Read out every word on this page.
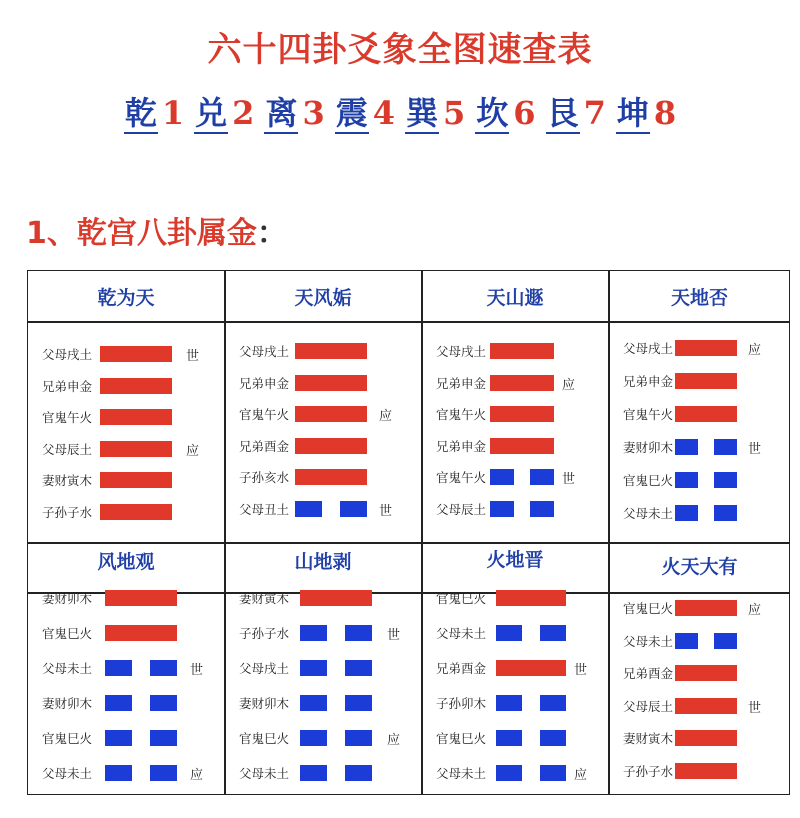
六十四卦爻象全图速查表
乾 1 兑 2 离 3 震 4 巽 5 坎 6 艮 7 坤 8
1、乾宫八卦属金：
乾为天
父母戌土	世
兄弟申金
官鬼午火
父母辰土	应
妻财寅木
子孙子水
天风姤
父母戌土
兄弟申金
官鬼午火	应
兄弟酉金
子孙亥水
父母丑土	世
天山遯
父母戌土
兄弟申金	应
官鬼午火
兄弟申金
官鬼午火	世
父母辰土
天地否
父母戌土	应
兄弟申金
官鬼午火
妻财卯木	世
官鬼巳火
父母未土
风地观
妻财卯木
官鬼巳火
父母未土	世
妻财卯木
官鬼巳火
父母未土	应
山地剥
妻财寅木
子孙子水	世
父母戌土
妻财卯木
官鬼巳火	应
父母未土
火地晋
官鬼巳火
父母未土
兄弟酉金	世
子孙卯木
官鬼巳火
父母未土	应
火天大有
官鬼巳火	应
父母未土
兄弟酉金
父母辰土	世
妻财寅木
子孙子水
